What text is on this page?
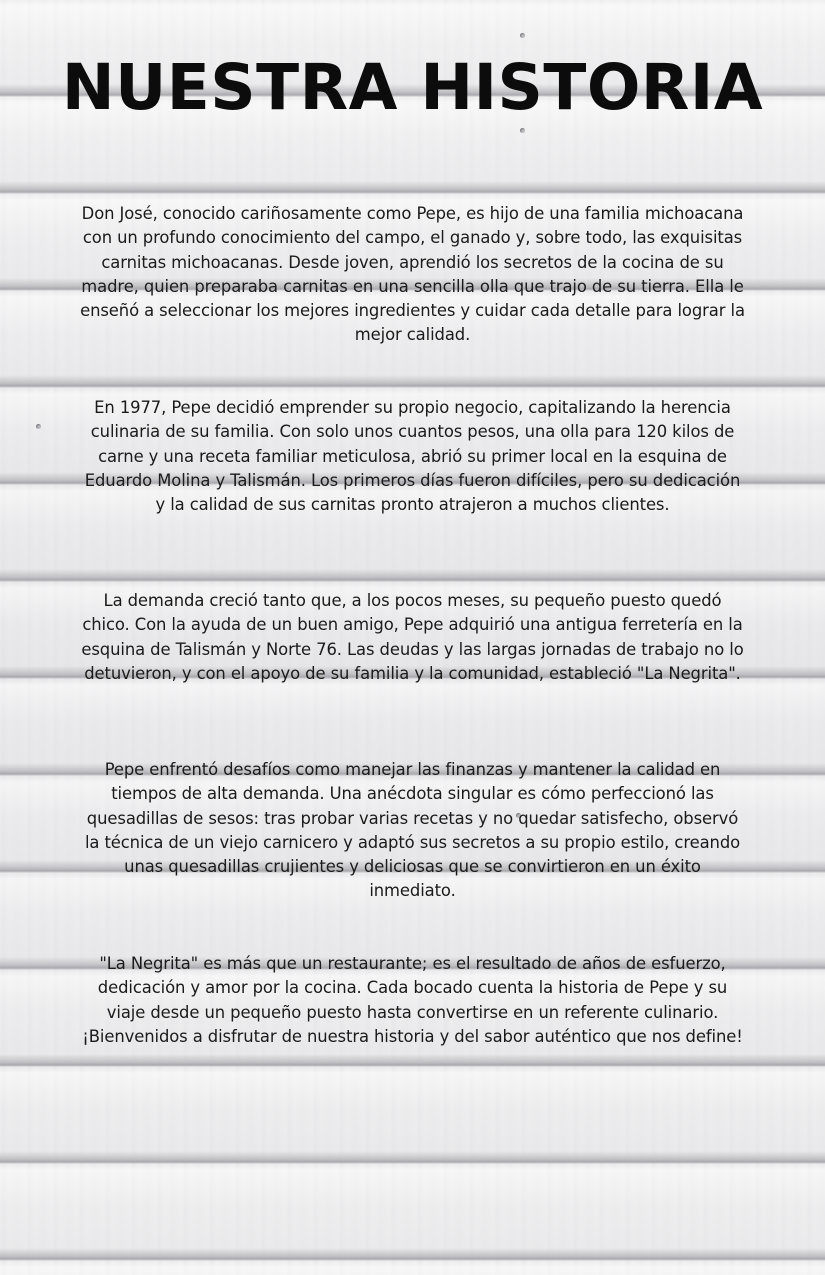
NUESTRA HISTORIA

Don José, conocido cariñosamente como Pepe, es hijo de una familia michoacana con un profundo conocimiento del campo, el ganado y, sobre todo, las exquisitas carnitas michoacanas. Desde joven, aprendió los secretos de la cocina de su madre, quien preparaba carnitas en una sencilla olla que trajo de su tierra. Ella le enseñó a seleccionar los mejores ingredientes y cuidar cada detalle para lograr la mejor calidad.

En 1977, Pepe decidió emprender su propio negocio, capitalizando la herencia culinaria de su familia. Con solo unos cuantos pesos, una olla para 120 kilos de carne y una receta familiar meticulosa, abrió su primer local en la esquina de Eduardo Molina y Talismán. Los primeros días fueron difíciles, pero su dedicación y la calidad de sus carnitas pronto atrajeron a muchos clientes.

La demanda creció tanto que, a los pocos meses, su pequeño puesto quedó chico. Con la ayuda de un buen amigo, Pepe adquirió una antigua ferretería en la esquina de Talismán y Norte 76. Las deudas y las largas jornadas de trabajo no lo detuvieron, y con el apoyo de su familia y la comunidad, estableció "La Negrita".

Pepe enfrentó desafíos como manejar las finanzas y mantener la calidad en tiempos de alta demanda. Una anécdota singular es cómo perfeccionó las quesadillas de sesos: tras probar varias recetas y no quedar satisfecho, observó la técnica de un viejo carnicero y adaptó sus secretos a su propio estilo, creando unas quesadillas crujientes y deliciosas que se convirtieron en un éxito inmediato.

"La Negrita" es más que un restaurante; es el resultado de años de esfuerzo, dedicación y amor por la cocina. Cada bocado cuenta la historia de Pepe y su viaje desde un pequeño puesto hasta convertirse en un referente culinario. ¡Bienvenidos a disfrutar de nuestra historia y del sabor auténtico que nos define!
